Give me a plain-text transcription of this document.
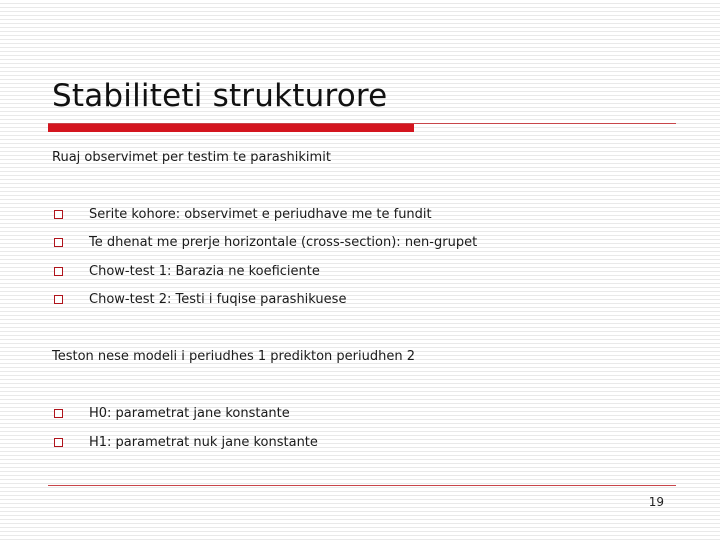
Stabiliteti strukturore
Ruaj observimet per testim te parashikimit
Serite kohore: observimet e periudhave me te fundit
Te dhenat me prerje horizontale (cross-section): nen-grupet
Chow-test 1: Barazia ne koeficiente
Chow-test 2: Testi i fuqise parashikuese
Teston nese modeli i periudhes 1 predikton periudhen 2
H0: parametrat jane konstante
H1: parametrat nuk jane konstante
19
